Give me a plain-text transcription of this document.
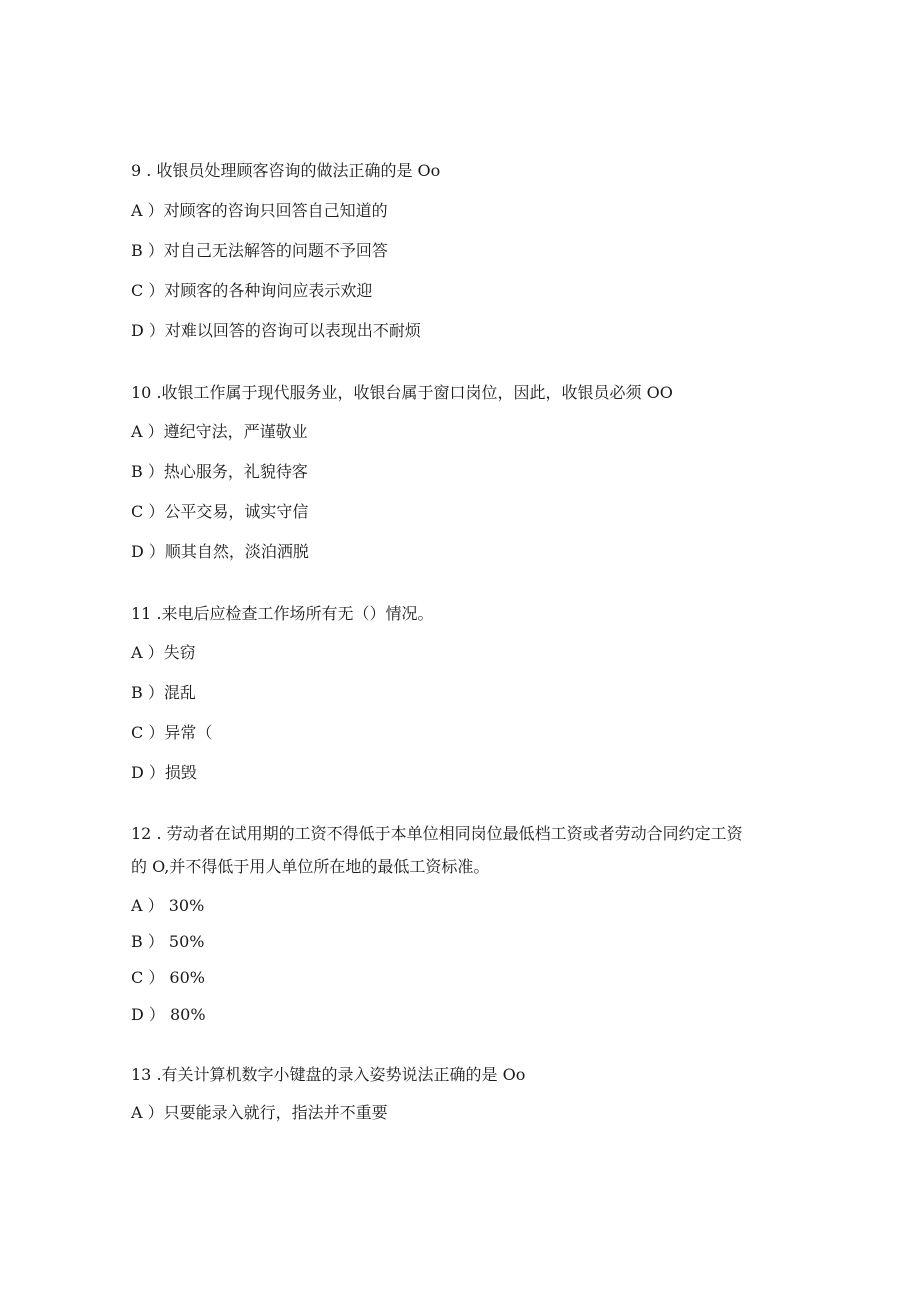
9 . 收银员处理顾客咨询的做法正确的是 Oo
A ）对顾客的咨询只回答自己知道的
B ）对自己无法解答的问题不予回答
C ）对顾客的各种询问应表示欢迎
D ）对难以回答的咨询可以表现出不耐烦
10 .收银工作属于现代服务业，收银台属于窗口岗位，因此，收银员必须 OO
A ）遵纪守法，严谨敬业
B ）热心服务，礼貌待客
C ）公平交易，诚实守信
D ）顺其自然，淡泊洒脱
11 .来电后应检查工作场所有无（）情况。
A ）失窃
B ）混乱
C ）异常（
D ）损毁
12 . 劳动者在试用期的工资不得低于本单位相同岗位最低档工资或者劳动合同约定工资
的 O,并不得低于用人单位所在地的最低工资标准。
A ） 30%
B ） 50%
C ） 60%
D ） 80%
13 .有关计算机数字小键盘的录入姿势说法正确的是 Oo
A ）只要能录入就行，指法并不重要
